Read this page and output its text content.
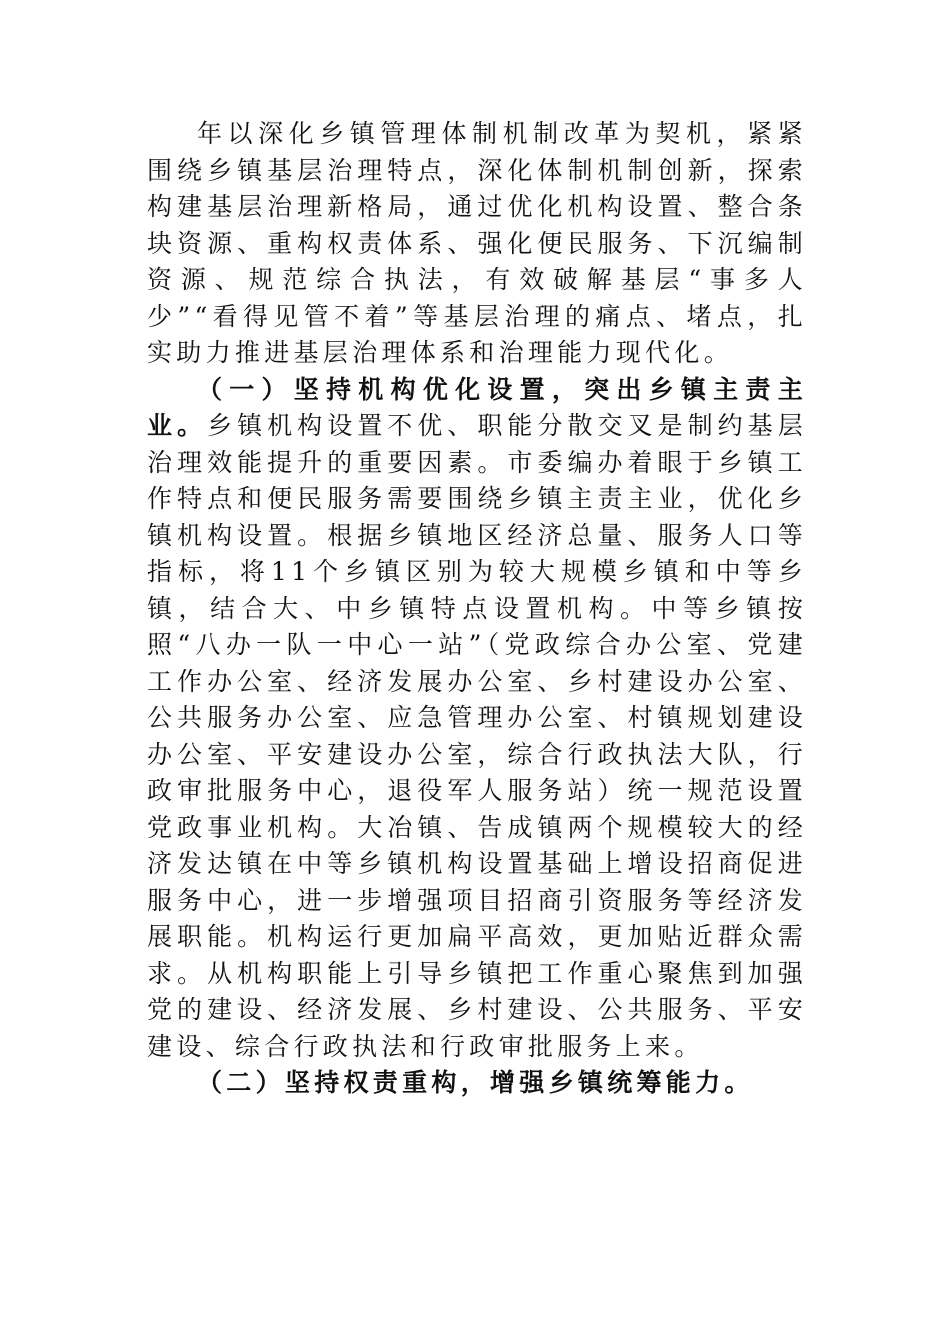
年以深化乡镇管理体制机制改革为契机，紧紧围绕乡镇基层治理特点，深化体制机制创新，探索构建基层治理新格局，通过优化机构设置、整合条块资源、重构权责体系、强化便民服务、下沉编制资源、规范综合执法，有效破解基层“事多人少”“看得见管不着”等基层治理的痛点、堵点，扎实助力推进基层治理体系和治理能力现代化。

（一）坚持机构优化设置，突出乡镇主责主业。乡镇机构设置不优、职能分散交叉是制约基层治理效能提升的重要因素。市委编办着眼于乡镇工作特点和便民服务需要围绕乡镇主责主业，优化乡镇机构设置。根据乡镇地区经济总量、服务人口等指标，将11个乡镇区别为较大规模乡镇和中等乡镇，结合大、中乡镇特点设置机构。中等乡镇按照“八办一队一中心一站”（党政综合办公室、党建工作办公室、经济发展办公室、乡村建设办公室、公共服务办公室、应急管理办公室、村镇规划建设办公室、平安建设办公室，综合行政执法大队，行政审批服务中心，退役军人服务站）统一规范设置党政事业机构。大冶镇、告成镇两个规模较大的经济发达镇在中等乡镇机构设置基础上增设招商促进服务中心，进一步增强项目招商引资服务等经济发展职能。机构运行更加扁平高效，更加贴近群众需求。从机构职能上引导乡镇把工作重心聚焦到加强党的建设、经济发展、乡村建设、公共服务、平安建设、综合行政执法和行政审批服务上来。

（二）坚持权责重构，增强乡镇统筹能力。
